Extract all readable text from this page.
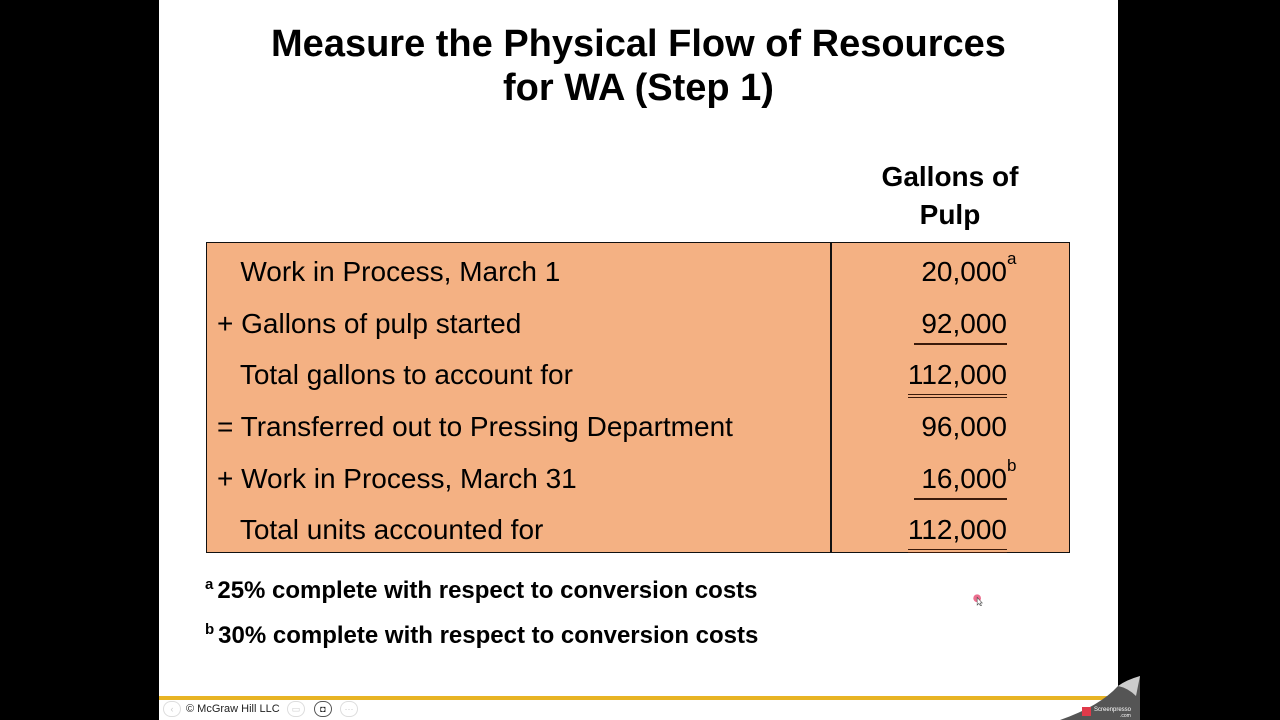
Measure the Physical Flow of Resources
for WA (Step 1)
Gallons of
Pulp
Work in Process, March 1	20,000 a
+ Gallons of pulp started	92,000
Total gallons to account for	112,000
= Transferred out to Pressing Department	96,000
+ Work in Process, March 31	16,000 b
Total units accounted for	112,000
$^a$ 25% complete with respect to conversion costs
$^b$ 30% complete with respect to conversion costs
‹	© McGraw Hill LLC	▭	◘	⋯	Screenpresso
.com
